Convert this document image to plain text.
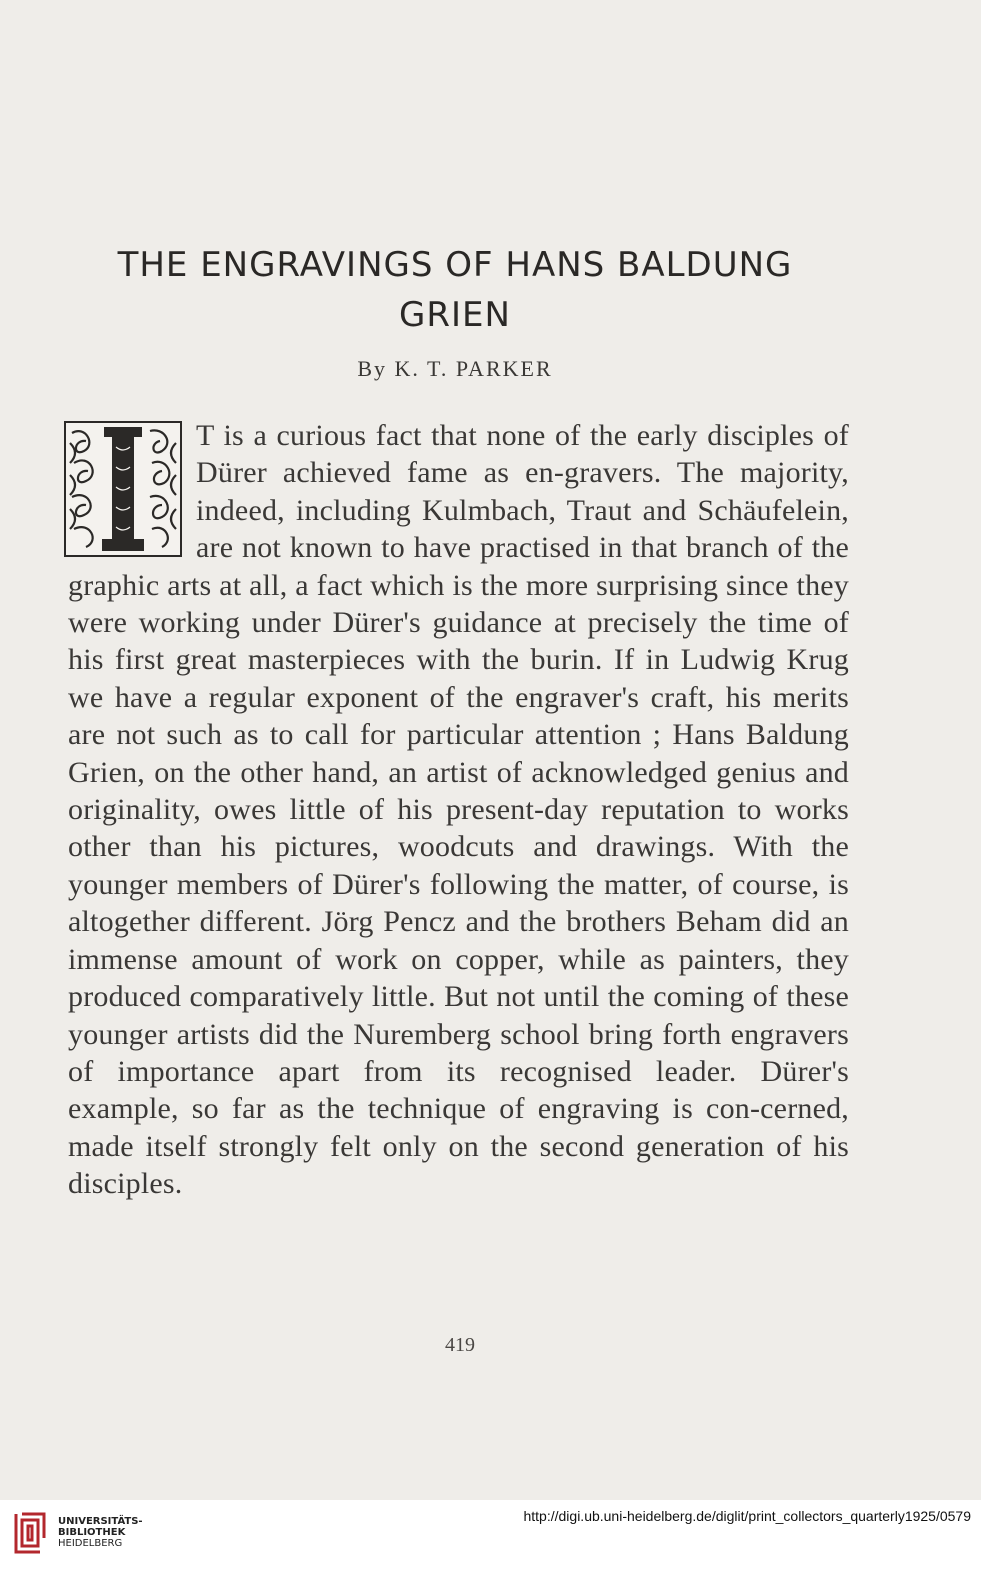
THE ENGRAVINGS OF HANS BALDUNG GRIEN

By K. T. PARKER

T is a curious fact that none of the early disciples of Dürer achieved fame as en-gravers. The majority, indeed, including Kulmbach, Traut and Schäufelein, are not known to have practised in that branch of the graphic arts at all, a fact which is the more surprising since they were working under Dürer's guidance at precisely the time of his first great masterpieces with the burin. If in Ludwig Krug we have a regular exponent of the engraver's craft, his merits are not such as to call for particular attention ; Hans Baldung Grien, on the other hand, an artist of acknowledged genius and originality, owes little of his present-day reputation to works other than his pictures, woodcuts and drawings. With the younger members of Dürer's following the matter, of course, is altogether different. Jörg Pencz and the brothers Beham did an immense amount of work on copper, while as painters, they produced comparatively little. But not until the coming of these younger artists did the Nuremberg school bring forth engravers of importance apart from its recognised leader. Dürer's example, so far as the technique of engraving is con-cerned, made itself strongly felt only on the second generation of his disciples.

419

UNIVERSITÄTS-
BIBLIOTHEK
HEIDELBERG
http://digi.ub.uni-heidelberg.de/diglit/print_collectors_quarterly1925/0579
